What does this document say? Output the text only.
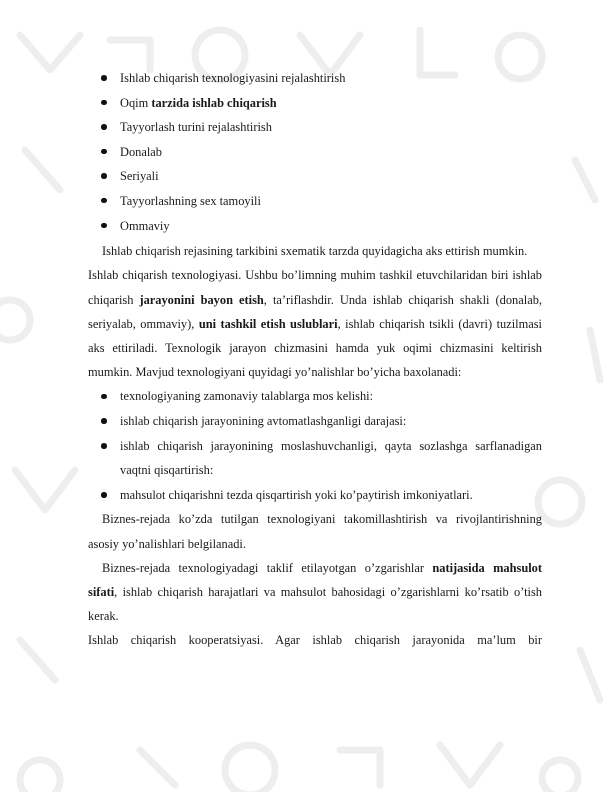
Ishlab chiqarish texnologiyasini rejalashtirish
Oqim tarzida ishlab chiqarish
Tayyorlash turini rejalashtirish
Donalab
Seriyali
Tayyorlashning sex tamoyili
Ommaviy

Ishlab chiqarish rejasining tarkibini sxematik tarzda quyidagicha aks ettirish mumkin.

Ishlab chiqarish texnologiyasi. Ushbu bo’limning muhim tashkil etuvchilaridan biri ishlab chiqarish jarayonini bayon etish, ta’riflashdir. Unda ishlab chiqarish shakli (donalab, seriyalab, ommaviy), uni tashkil etish uslublari, ishlab chiqarish tsikli (davri) tuzilmasi aks ettiriladi. Texnologik jarayon chizmasini hamda yuk oqimi chizmasini keltirish mumkin. Mavjud texnologiyani quyidagi yo’nalishlar bo’yicha baxolanadi:

texnologiyaning zamonaviy talablarga mos kelishi:
ishlab chiqarish jarayonining avtomatlashganligi darajasi:
ishlab chiqarish jarayonining moslashuvchanligi, qayta sozlashga sarflanadigan vaqtni qisqartirish:
mahsulot chiqarishni tezda qisqartirish yoki ko’paytirish imkoniyatlari.

Biznes-rejada ko’zda tutilgan texnologiyani takomillashtirish va rivojlantirishning asosiy yo’nalishlari belgilanadi.

Biznes-rejada texnologiyadagi taklif etilayotgan o’zgarishlar natijasida mahsulot sifati, ishlab chiqarish harajatlari va mahsulot bahosidagi o’zgarishlarni ko’rsatib o’tish kerak.

Ishlab chiqarish kooperatsiyasi. Agar ishlab chiqarish jarayonida ma’lum bir
